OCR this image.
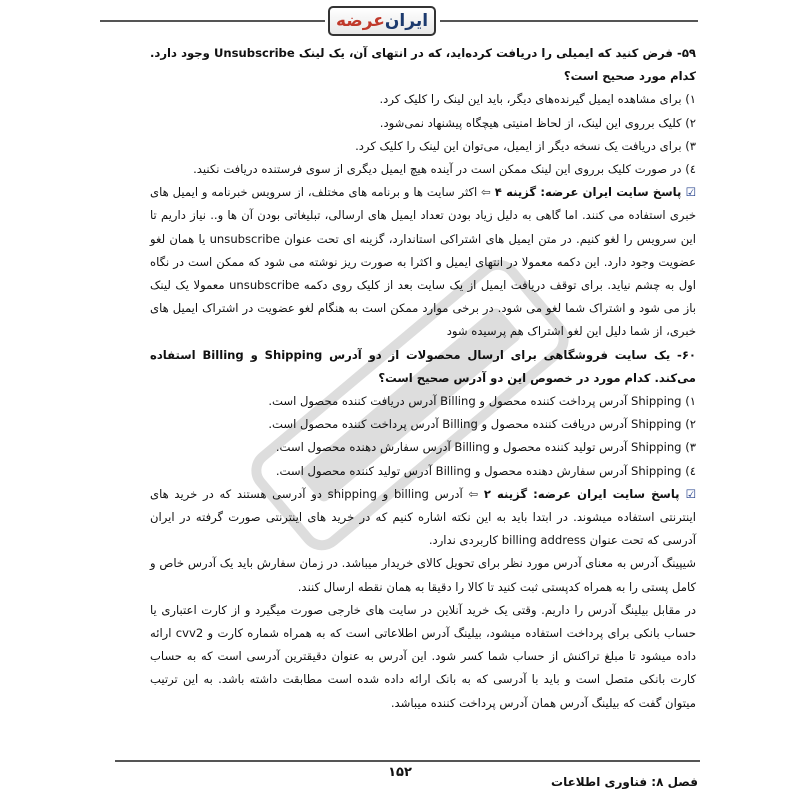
ایران
عرضه

۵۹- فرض کنید که ایمیلی را دریافت کرده‌اید، که در انتهای آن، یک لینک Unsubscribe وجود دارد. کدام مورد صحیح است؟

۱) برای مشاهده ایمیل گیرنده‌های دیگر، باید این لینک را کلیک کرد.

۲) کلیک برروی این لینک، از لحاظ امنیتی هیچگاه پیشنهاد نمی‌شود.

۳) برای دریافت یک نسخه دیگر از ایمیل، می‌توان این لینک را کلیک کرد.

٤) در صورت کلیک برروی این لینک ممکن است در آینده هیچ ایمیل دیگری از سوی فرستنده دریافت نکنید.

☑ پاسخ سایت ایران عرضه: گزینه ۴ ⇦ اکثر سایت ها و برنامه های مختلف، از سرویس خبرنامه و ایمیل های خبری استفاده می کنند. اما گاهی به دلیل زیاد بودن تعداد ایمیل های ارسالی، تبلیغاتی بودن آن ها و.. نیاز داریم تا این سرویس را لغو کنیم. در متن ایمیل های اشتراکی استاندارد، گزینه ای تحت عنوان unsubscribe یا همان لغو عضویت وجود دارد. این دکمه معمولا در انتهای ایمیل و اکثرا به صورت ریز نوشته می شود که ممکن است در نگاه اول به چشم نیاید. برای توقف دریافت ایمیل از یک سایت بعد از کلیک روی دکمه unsubscribe معمولا یک لینک باز می شود و اشتراک شما لغو می شود. در برخی موارد ممکن است به هنگام لغو عضویت در اشتراک ایمیل های خبری، از شما دلیل این لغو اشتراک هم پرسیده شود

۶۰- یک سایت فروشگاهی برای ارسال محصولات از دو آدرس Shipping و Billing استفاده می‌کند. کدام مورد در خصوص این دو آدرس صحیح است؟

۱) Shipping آدرس پرداخت کننده محصول و Billing آدرس دریافت کننده محصول است.

۲) Shipping آدرس دریافت کننده محصول و Billing آدرس پرداخت کننده محصول است.

۳) Shipping آدرس تولید کننده محصول و Billing آدرس سفارش دهنده محصول است.

٤) Shipping آدرس سفارش دهنده محصول و Billing آدرس تولید کننده محصول است.

☑ پاسخ سایت ایران عرضه: گزینه ۲ ⇦ آدرس billing و shipping دو آدرسی هستند که در خرید های اینترنتی استفاده میشوند. در ابتدا باید به این نکته اشاره کنیم که در خرید های اینترنتی صورت گرفته در ایران آدرسی که تحت عنوان billing address کاربردی ندارد.

شیپینگ آدرس به معنای آدرس مورد نظر برای تحویل کالای خریدار میباشد. در زمان سفارش باید یک آدرس خاص و کامل پستی را به همراه کدپستی ثبت کنید تا کالا را دقیقا به همان نقطه ارسال کنند.

در مقابل بیلینگ آدرس را داریم. وقتی یک خرید آنلاین در سایت های خارجی صورت میگیرد و از کارت اعتباری یا حساب بانکی برای پرداخت استفاده میشود، بیلینگ آدرس اطلاعاتی است که به همراه شماره کارت و cvv2 ارائه داده میشود تا مبلغ تراکنش از حساب شما کسر شود. این آدرس به عنوان دقیقترین آدرسی است که به حساب کارت بانکی متصل است و باید با آدرسی که به بانک ارائه داده شده است مطابقت داشته باشد. به این ترتیب میتوان گفت که بیلینگ آدرس همان آدرس پرداخت کننده میباشد.

۱۵۲
فصل ۸: فناوری اطلاعات
